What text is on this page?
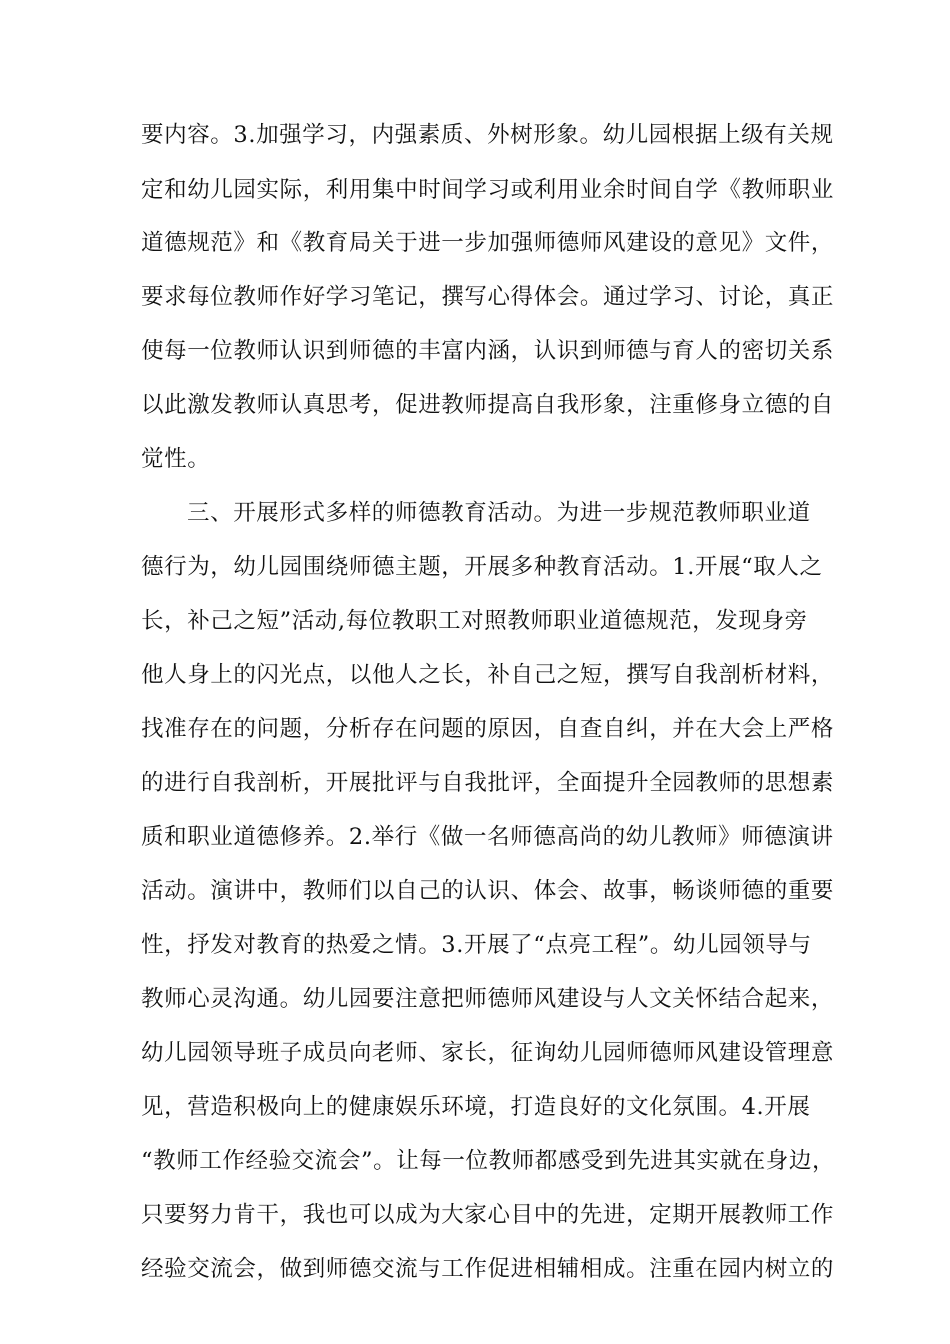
要内容。3.加强学习，内强素质、外树形象。幼儿园根据上级有关规
定和幼儿园实际，利用集中时间学习或利用业余时间自学《教师职业
道德规范》和《教育局关于进一步加强师德师风建设的意见》文件，
要求每位教师作好学习笔记，撰写心得体会。通过学习、讨论，真正
使每一位教师认识到师德的丰富内涵，认识到师德与育人的密切关系
以此激发教师认真思考，促进教师提高自我形象，注重修身立德的自
觉性。
三、开展形式多样的师德教育活动。为进一步规范教师职业道
德行为，幼儿园围绕师德主题，开展多种教育活动。1.开展“取人之
长，补己之短”活动,每位教职工对照教师职业道德规范，发现身旁
他人身上的闪光点，以他人之长，补自己之短，撰写自我剖析材料，
找准存在的问题，分析存在问题的原因，自查自纠，并在大会上严格
的进行自我剖析，开展批评与自我批评，全面提升全园教师的思想素
质和职业道德修养。2.举行《做一名师德高尚的幼儿教师》师德演讲
活动。演讲中，教师们以自己的认识、体会、故事，畅谈师德的重要
性，抒发对教育的热爱之情。3.开展了“点亮工程”。幼儿园领导与
教师心灵沟通。幼儿园要注意把师德师风建设与人文关怀结合起来，
幼儿园领导班子成员向老师、家长，征询幼儿园师德师风建设管理意
见，营造积极向上的健康娱乐环境，打造良好的文化氛围。4.开展
“教师工作经验交流会”。让每一位教师都感受到先进其实就在身边，
只要努力肯干，我也可以成为大家心目中的先进，定期开展教师工作
经验交流会，做到师德交流与工作促进相辅相成。注重在园内树立的
